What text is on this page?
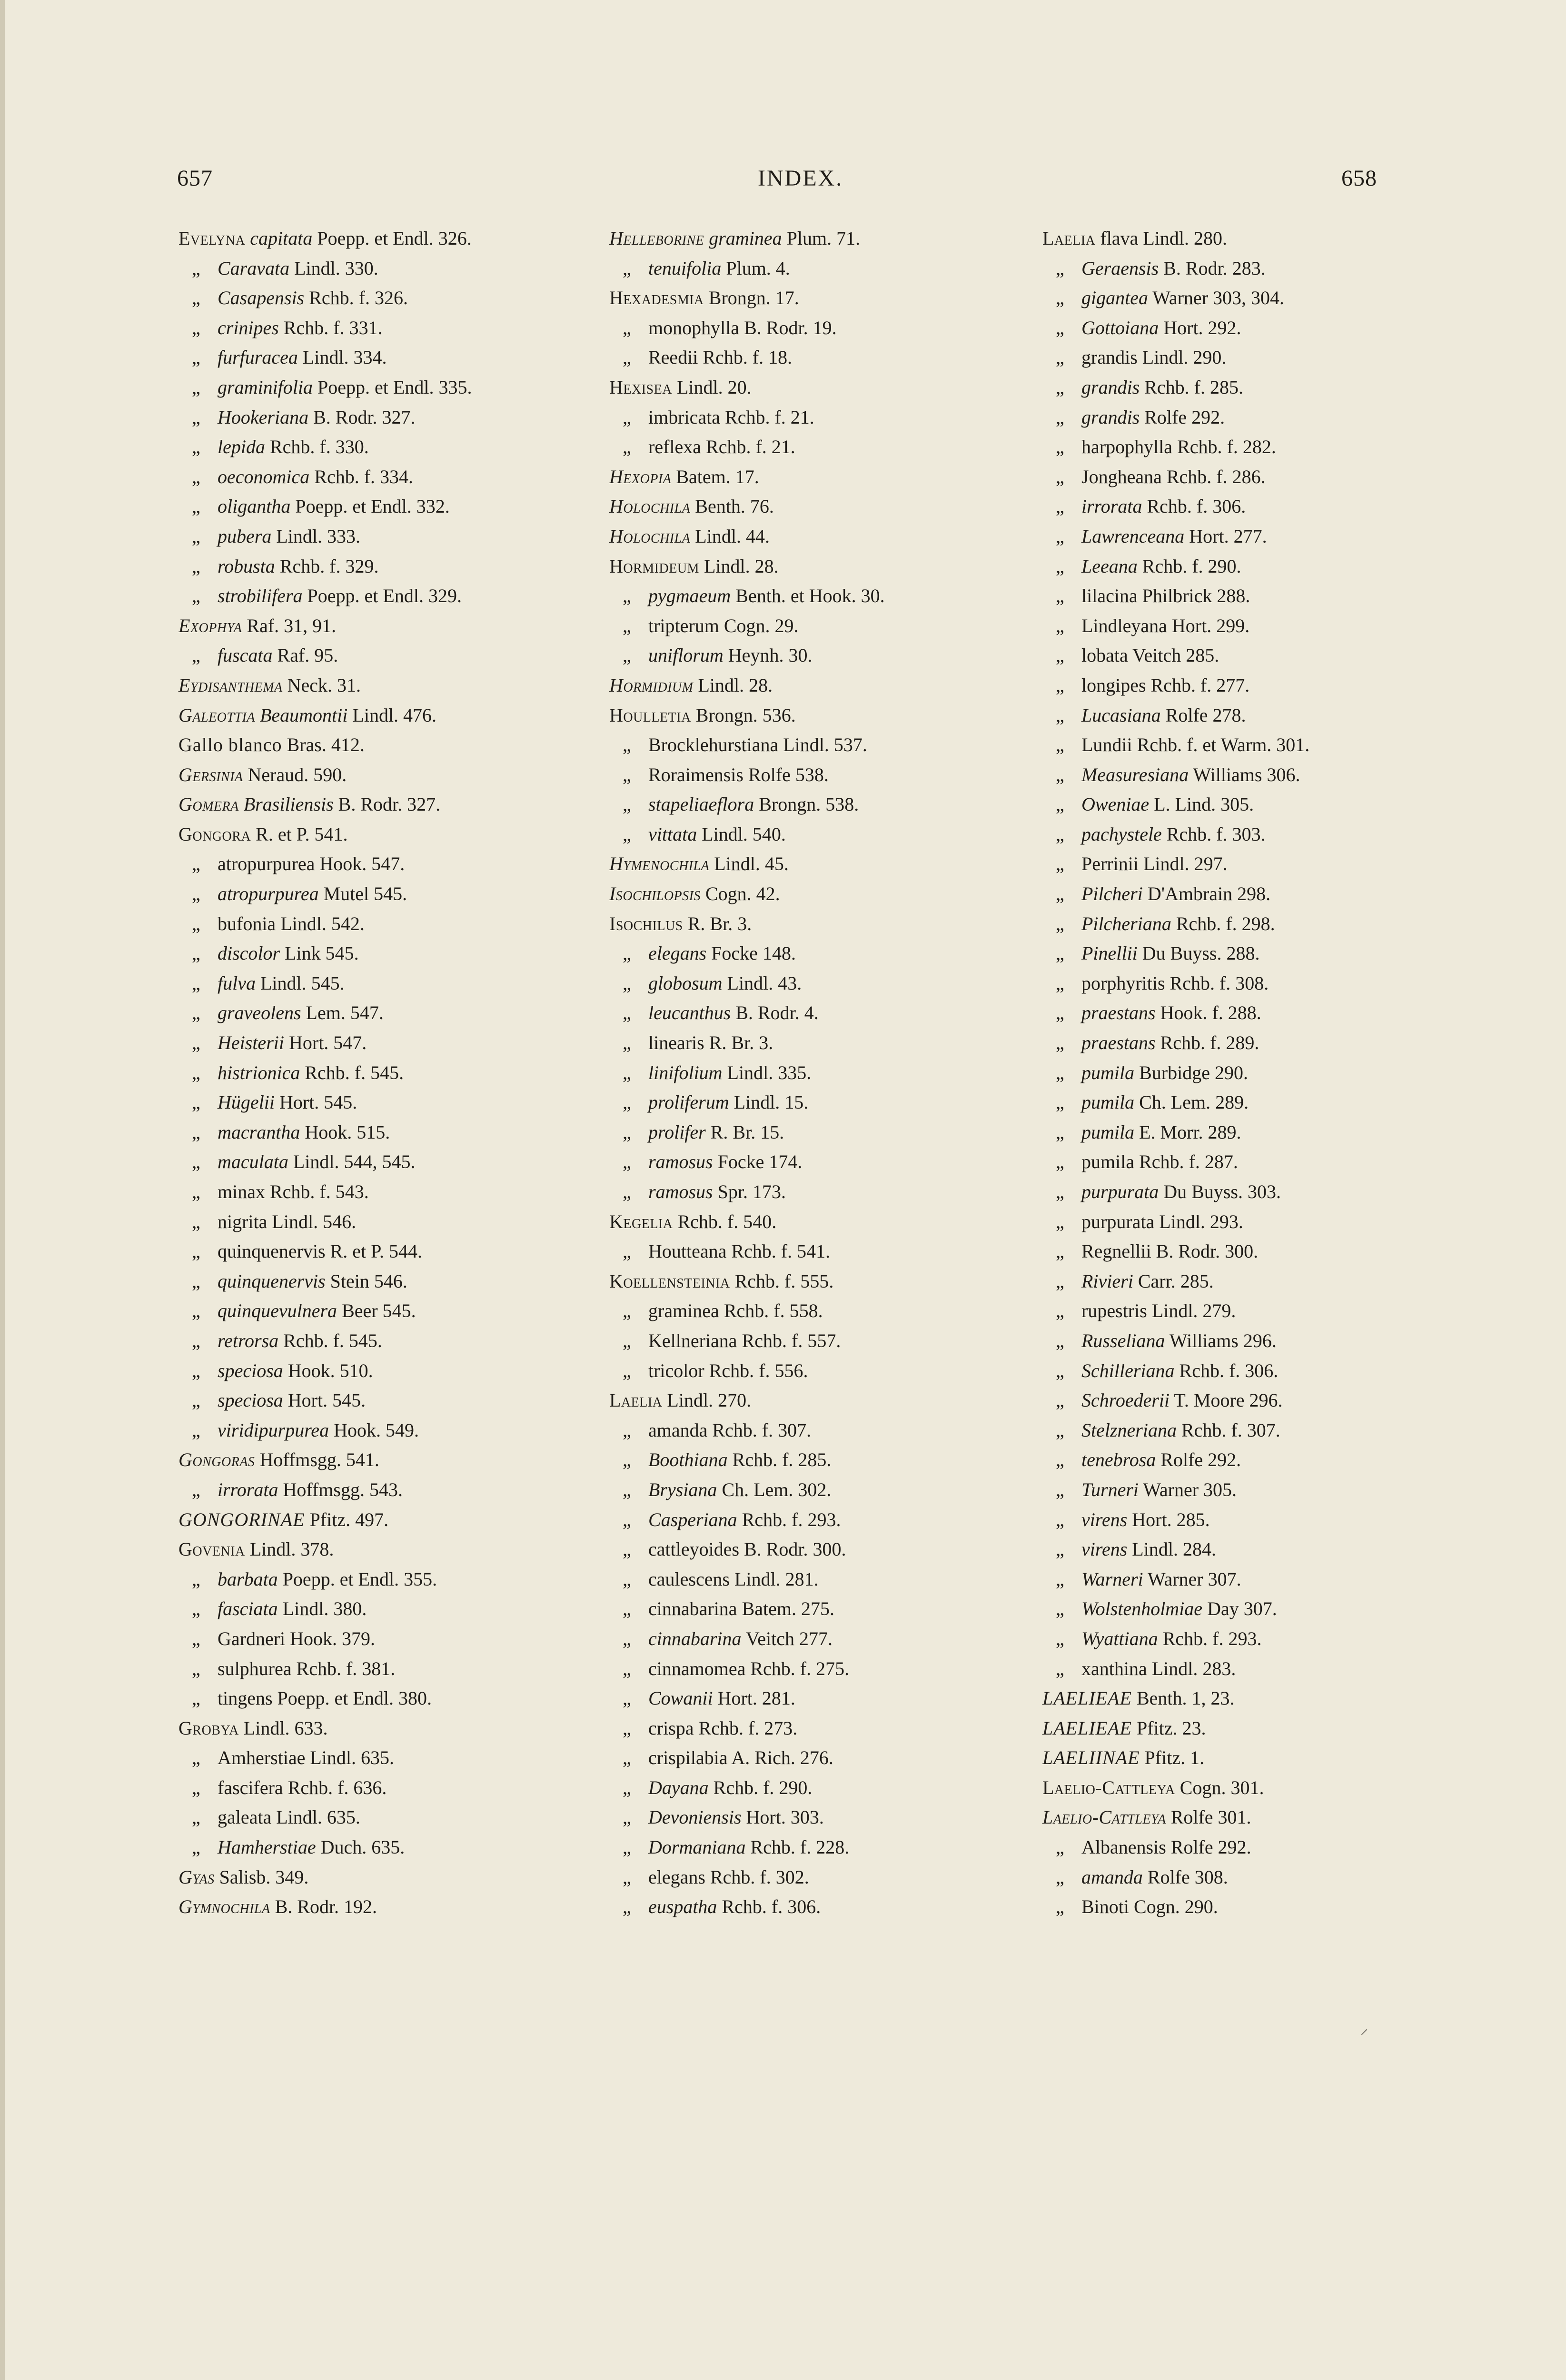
657	INDEX.	658
Evelyna capitata Poepp. et Endl. 326.
„ Caravata Lindl. 330.
„ Casapensis Rchb. f. 326.
„ crinipes Rchb. f. 331.
„ furfuracea Lindl. 334.
„ graminifolia Poepp. et Endl. 335.
„ Hookeriana B. Rodr. 327.
„ lepida Rchb. f. 330.
„ oeconomica Rchb. f. 334.
„ oligantha Poepp. et Endl. 332.
„ pubera Lindl. 333.
„ robusta Rchb. f. 329.
„ strobilifera Poepp. et Endl. 329.
Exophya Raf. 31, 91.
„ fuscata Raf. 95.
Eydisanthema Neck. 31.
Galeottia Beaumontii Lindl. 476.
Gallo blanco Bras. 412.
Gersinia Neraud. 590.
Gomera Brasiliensis B. Rodr. 327.
Gongora R. et P. 541.
„ atropurpurea Hook. 547.
„ atropurpurea Mutel 545.
„ bufonia Lindl. 542.
„ discolor Link 545.
„ fulva Lindl. 545.
„ graveolens Lem. 547.
„ Heisterii Hort. 547.
„ histrionica Rchb. f. 545.
„ Hügelii Hort. 545.
„ macrantha Hook. 515.
„ maculata Lindl. 544, 545.
„ minax Rchb. f. 543.
„ nigrita Lindl. 546.
„ quinquenervis R. et P. 544.
„ quinquenervis Stein 546.
„ quinquevulnera Beer 545.
„ retrorsa Rchb. f. 545.
„ speciosa Hook. 510.
„ speciosa Hort. 545.
„ viridipurpurea Hook. 549.
Gongoras Hoffmsgg. 541.
„ irrorata Hoffmsgg. 543.
GONGORINAE Pfitz. 497.
Govenia Lindl. 378.
„ barbata Poepp. et Endl. 355.
„ fasciata Lindl. 380.
„ Gardneri Hook. 379.
„ sulphurea Rchb. f. 381.
„ tingens Poepp. et Endl. 380.
Grobya Lindl. 633.
„ Amherstiae Lindl. 635.
„ fascifera Rchb. f. 636.
„ galeata Lindl. 635.
„ Hamherstiae Duch. 635.
Gyas Salisb. 349.
Gymnochila B. Rodr. 192.
Helleborine graminea Plum. 71.
„ tenuifolia Plum. 4.
Hexadesmia Brongn. 17.
„ monophylla B. Rodr. 19.
„ Reedii Rchb. f. 18.
Hexisea Lindl. 20.
„ imbricata Rchb. f. 21.
„ reflexa Rchb. f. 21.
Hexopia Batem. 17.
Holochila Benth. 76.
Holochila Lindl. 44.
Hormideum Lindl. 28.
„ pygmaeum Benth. et Hook. 30.
„ tripterum Cogn. 29.
„ uniflorum Heynh. 30.
Hormidium Lindl. 28.
Houlletia Brongn. 536.
„ Brocklehurstiana Lindl. 537.
„ Roraimensis Rolfe 538.
„ stapeliaeflora Brongn. 538.
„ vittata Lindl. 540.
Hymenochila Lindl. 45.
Isochilopsis Cogn. 42.
Isochilus R. Br. 3.
„ elegans Focke 148.
„ globosum Lindl. 43.
„ leucanthus B. Rodr. 4.
„ linearis R. Br. 3.
„ linifolium Lindl. 335.
„ proliferum Lindl. 15.
„ prolifer R. Br. 15.
„ ramosus Focke 174.
„ ramosus Spr. 173.
Kegelia Rchb. f. 540.
„ Houtteana Rchb. f. 541.
Koellensteinia Rchb. f. 555.
„ graminea Rchb. f. 558.
„ Kellneriana Rchb. f. 557.
„ tricolor Rchb. f. 556.
Laelia Lindl. 270.
„ amanda Rchb. f. 307.
„ Boothiana Rchb. f. 285.
„ Brysiana Ch. Lem. 302.
„ Casperiana Rchb. f. 293.
„ cattleyoides B. Rodr. 300.
„ caulescens Lindl. 281.
„ cinnabarina Batem. 275.
„ cinnabarina Veitch 277.
„ cinnamomea Rchb. f. 275.
„ Cowanii Hort. 281.
„ crispa Rchb. f. 273.
„ crispilabia A. Rich. 276.
„ Dayana Rchb. f. 290.
„ Devoniensis Hort. 303.
„ Dormaniana Rchb. f. 228.
„ elegans Rchb. f. 302.
„ euspatha Rchb. f. 306.
Laelia flava Lindl. 280.
„ Geraensis B. Rodr. 283.
„ gigantea Warner 303, 304.
„ Gottoiana Hort. 292.
„ grandis Lindl. 290.
„ grandis Rchb. f. 285.
„ grandis Rolfe 292.
„ harpophylla Rchb. f. 282.
„ Jongheana Rchb. f. 286.
„ irrorata Rchb. f. 306.
„ Lawrenceana Hort. 277.
„ Leeana Rchb. f. 290.
„ lilacina Philbrick 288.
„ Lindleyana Hort. 299.
„ lobata Veitch 285.
„ longipes Rchb. f. 277.
„ Lucasiana Rolfe 278.
„ Lundii Rchb. f. et Warm. 301.
„ Measuresiana Williams 306.
„ Oweniae L. Lind. 305.
„ pachystele Rchb. f. 303.
„ Perrinii Lindl. 297.
„ Pilcheri D'Ambrain 298.
„ Pilcheriana Rchb. f. 298.
„ Pinellii Du Buyss. 288.
„ porphyritis Rchb. f. 308.
„ praestans Hook. f. 288.
„ praestans Rchb. f. 289.
„ pumila Burbidge 290.
„ pumila Ch. Lem. 289.
„ pumila E. Morr. 289.
„ pumila Rchb. f. 287.
„ purpurata Du Buyss. 303.
„ purpurata Lindl. 293.
„ Regnellii B. Rodr. 300.
„ Rivieri Carr. 285.
„ rupestris Lindl. 279.
„ Russeliana Williams 296.
„ Schilleriana Rchb. f. 306.
„ Schroederii T. Moore 296.
„ Stelzneriana Rchb. f. 307.
„ tenebrosa Rolfe 292.
„ Turneri Warner 305.
„ virens Hort. 285.
„ virens Lindl. 284.
„ Warneri Warner 307.
„ Wolstenholmiae Day 307.
„ Wyattiana Rchb. f. 293.
„ xanthina Lindl. 283.
LAELIEAE Benth. 1, 23.
LAELIEAE Pfitz. 23.
LAELIINAE Pfitz. 1.
Laelio-Cattleya Cogn. 301.
Laelio-Cattleya Rolfe 301.
„ Albanensis Rolfe 292.
„ amanda Rolfe 308.
„ Binoti Cogn. 290.
